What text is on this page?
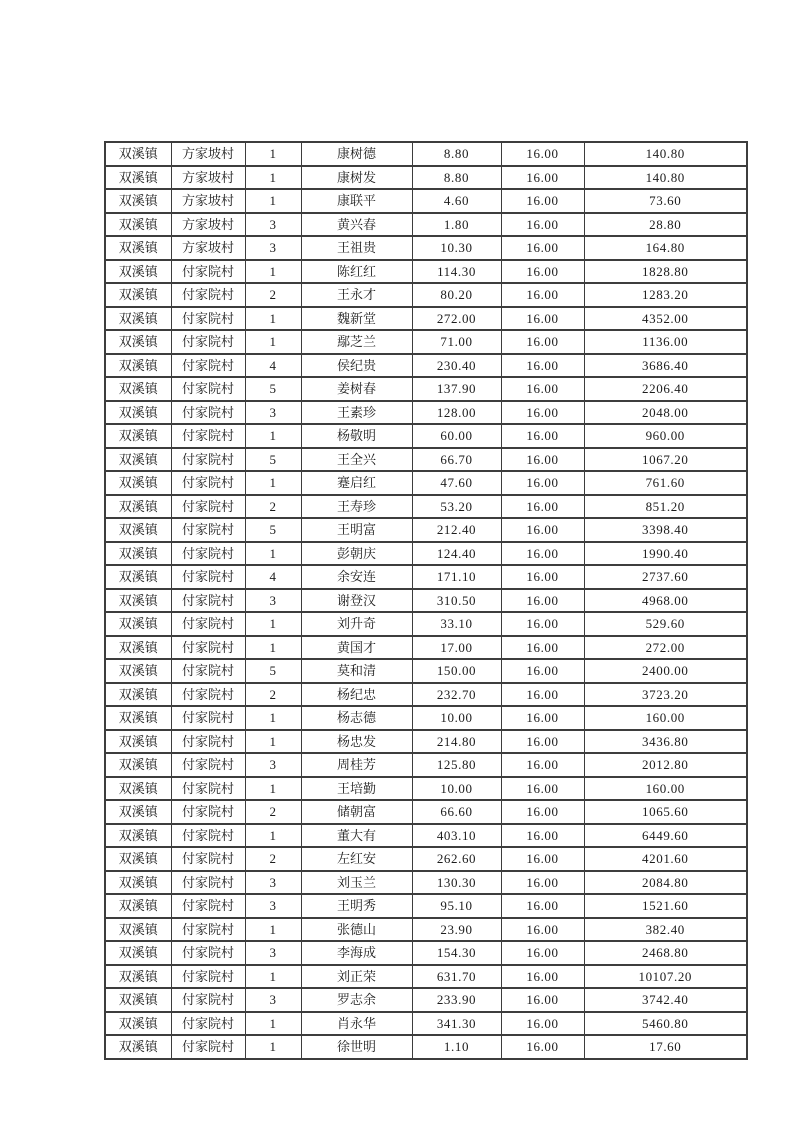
双溪镇	方家坡村	1	康树德	8.80	16.00	140.80
双溪镇	方家坡村	1	康树发	8.80	16.00	140.80
双溪镇	方家坡村	1	康联平	4.60	16.00	73.60
双溪镇	方家坡村	3	黄兴春	1.80	16.00	28.80
双溪镇	方家坡村	3	王祖贵	10.30	16.00	164.80
双溪镇	付家院村	1	陈红红	114.30	16.00	1828.80
双溪镇	付家院村	2	王永才	80.20	16.00	1283.20
双溪镇	付家院村	1	魏新堂	272.00	16.00	4352.00
双溪镇	付家院村	1	鄢芝兰	71.00	16.00	1136.00
双溪镇	付家院村	4	侯纪贵	230.40	16.00	3686.40
双溪镇	付家院村	5	姜树春	137.90	16.00	2206.40
双溪镇	付家院村	3	王素珍	128.00	16.00	2048.00
双溪镇	付家院村	1	杨敬明	60.00	16.00	960.00
双溪镇	付家院村	5	王全兴	66.70	16.00	1067.20
双溪镇	付家院村	1	蹇启红	47.60	16.00	761.60
双溪镇	付家院村	2	王寿珍	53.20	16.00	851.20
双溪镇	付家院村	5	王明富	212.40	16.00	3398.40
双溪镇	付家院村	1	彭朝庆	124.40	16.00	1990.40
双溪镇	付家院村	4	余安连	171.10	16.00	2737.60
双溪镇	付家院村	3	谢登汉	310.50	16.00	4968.00
双溪镇	付家院村	1	刘升奇	33.10	16.00	529.60
双溪镇	付家院村	1	黄国才	17.00	16.00	272.00
双溪镇	付家院村	5	莫和清	150.00	16.00	2400.00
双溪镇	付家院村	2	杨纪忠	232.70	16.00	3723.20
双溪镇	付家院村	1	杨志德	10.00	16.00	160.00
双溪镇	付家院村	1	杨忠发	214.80	16.00	3436.80
双溪镇	付家院村	3	周桂芳	125.80	16.00	2012.80
双溪镇	付家院村	1	王培勤	10.00	16.00	160.00
双溪镇	付家院村	2	储朝富	66.60	16.00	1065.60
双溪镇	付家院村	1	董大有	403.10	16.00	6449.60
双溪镇	付家院村	2	左红安	262.60	16.00	4201.60
双溪镇	付家院村	3	刘玉兰	130.30	16.00	2084.80
双溪镇	付家院村	3	王明秀	95.10	16.00	1521.60
双溪镇	付家院村	1	张德山	23.90	16.00	382.40
双溪镇	付家院村	3	李海成	154.30	16.00	2468.80
双溪镇	付家院村	1	刘正荣	631.70	16.00	10107.20
双溪镇	付家院村	3	罗志余	233.90	16.00	3742.40
双溪镇	付家院村	1	肖永华	341.30	16.00	5460.80
双溪镇	付家院村	1	徐世明	1.10	16.00	17.60
